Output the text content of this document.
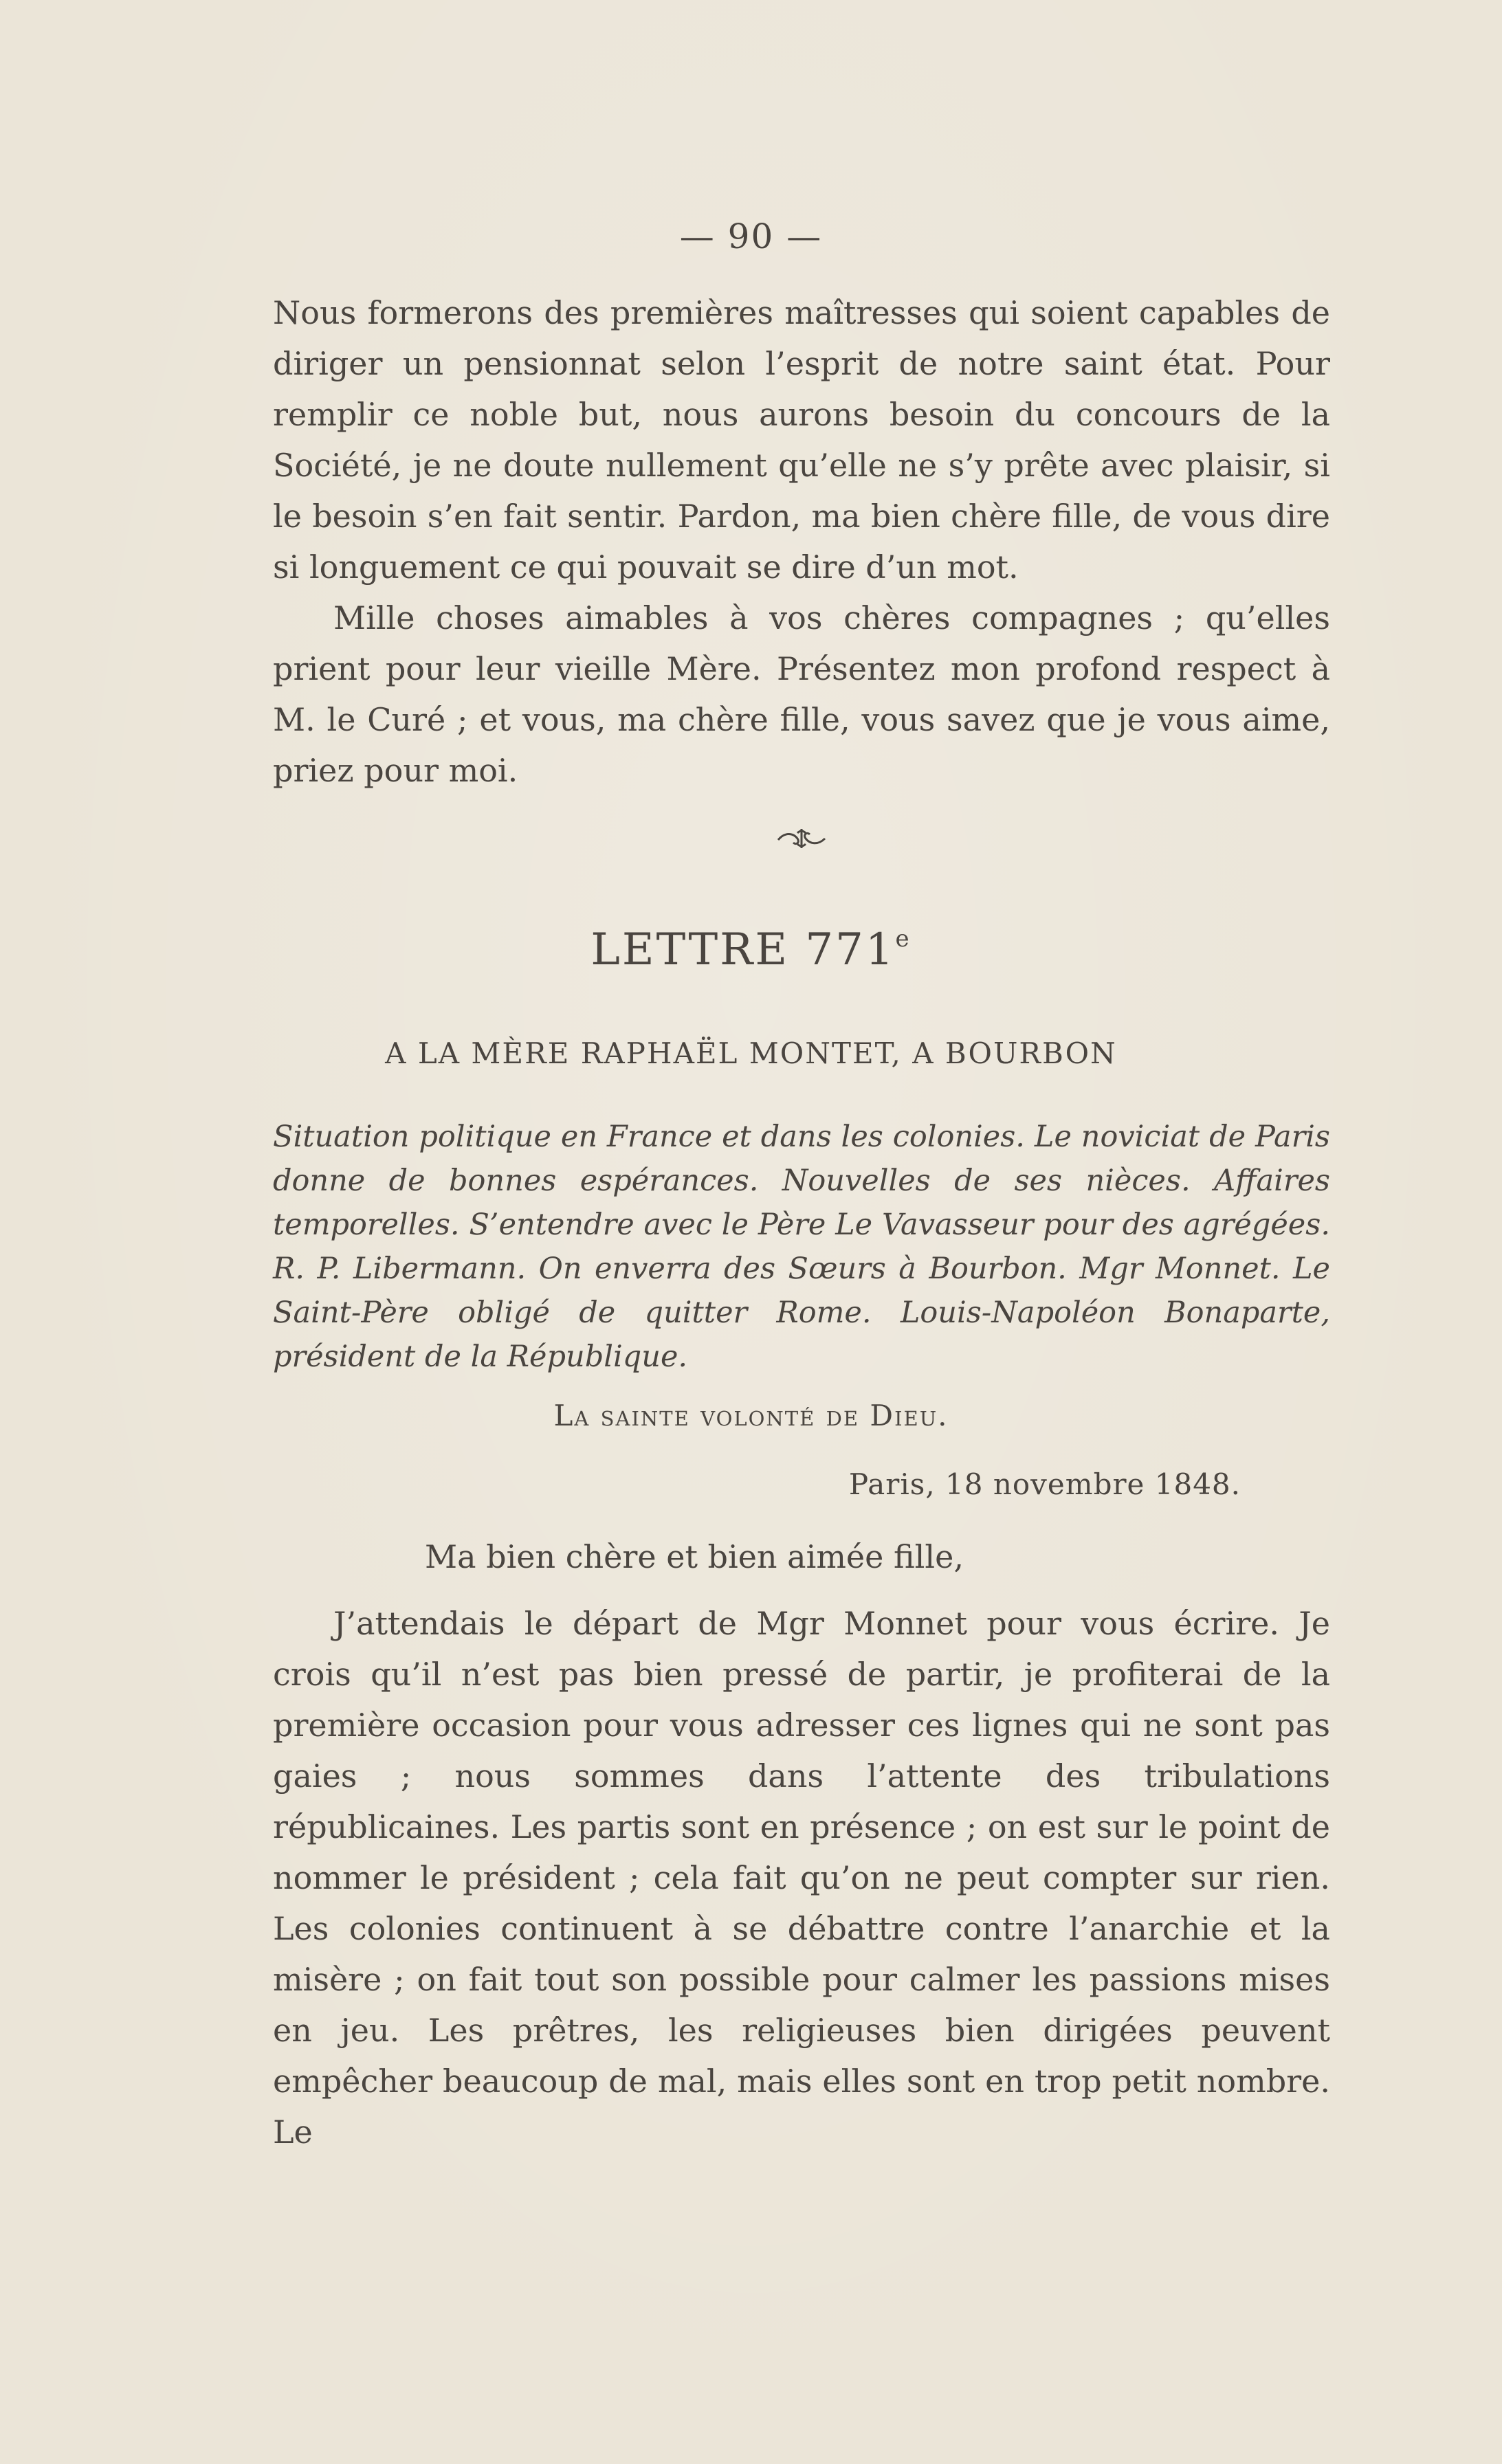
— 90 —

Nous formerons des premières maîtresses qui soient capables de diriger un pensionnat selon l’esprit de notre saint état. Pour remplir ce noble but, nous aurons besoin du concours de la Société, je ne doute nullement qu’elle ne s’y prête avec plaisir, si le besoin s’en fait sentir. Pardon, ma bien chère fille, de vous dire si longuement ce qui pouvait se dire d’un mot.

Mille choses aimables à vos chères compagnes ; qu’elles prient pour leur vieille Mère. Présentez mon profond respect à M. le Curé ; et vous, ma chère fille, vous savez que je vous aime, priez pour moi.

LETTRE 771e
A LA MÈRE RAPHAËL MONTET, A BOURBON

Situation politique en France et dans les colonies. Le noviciat de Paris donne de bonnes espérances. Nouvelles de ses nièces. Affaires temporelles. S’entendre avec le Père Le Vavasseur pour des agrégées. R. P. Libermann. On enverra des Sœurs à Bourbon. Mgr Monnet. Le Saint-Père obligé de quitter Rome. Louis-Napoléon Bonaparte, président de la République.

La sainte volonté de Dieu.
Paris, 18 novembre 1848.
Ma bien chère et bien aimée fille,

J’attendais le départ de Mgr Monnet pour vous écrire. Je crois qu’il n’est pas bien pressé de partir, je profiterai de la première occasion pour vous adresser ces lignes qui ne sont pas gaies ; nous sommes dans l’attente des tribulations républicaines. Les partis sont en présence ; on est sur le point de nommer le président ; cela fait qu’on ne peut compter sur rien. Les colonies continuent à se débattre contre l’anarchie et la misère ; on fait tout son possible pour calmer les passions mises en jeu. Les prêtres, les religieuses bien dirigées peuvent empêcher beaucoup de mal, mais elles sont en trop petit nombre. Le
